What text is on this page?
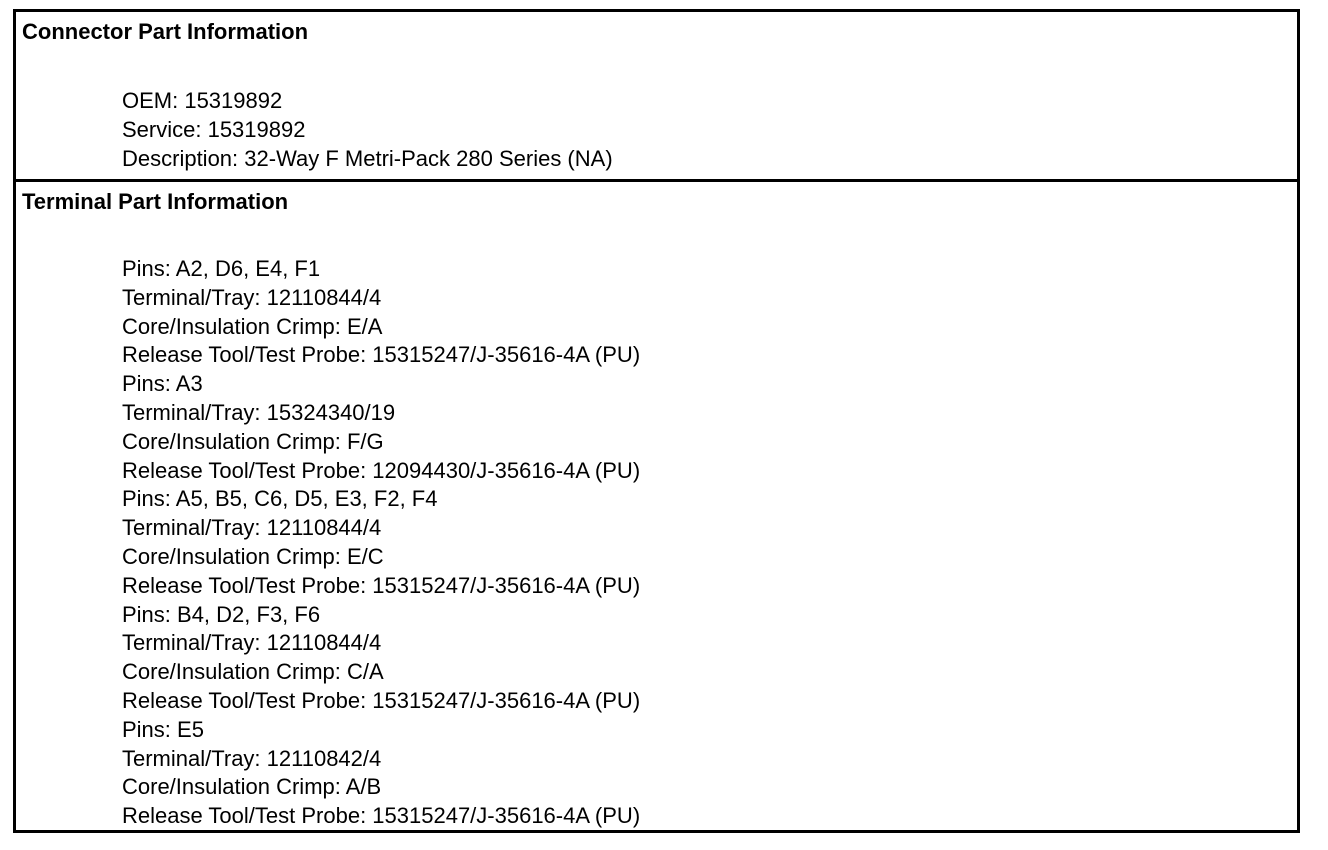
Connector Part Information
OEM: 15319892
Service: 15319892
Description: 32-Way F Metri-Pack 280 Series (NA)
Terminal Part Information
Pins: A2, D6, E4, F1
Terminal/Tray: 12110844/4
Core/Insulation Crimp: E/A
Release Tool/Test Probe: 15315247/J-35616-4A (PU)
Pins: A3
Terminal/Tray: 15324340/19
Core/Insulation Crimp: F/G
Release Tool/Test Probe: 12094430/J-35616-4A (PU)
Pins: A5, B5, C6, D5, E3, F2, F4
Terminal/Tray: 12110844/4
Core/Insulation Crimp: E/C
Release Tool/Test Probe: 15315247/J-35616-4A (PU)
Pins: B4, D2, F3, F6
Terminal/Tray: 12110844/4
Core/Insulation Crimp: C/A
Release Tool/Test Probe: 15315247/J-35616-4A (PU)
Pins: E5
Terminal/Tray: 12110842/4
Core/Insulation Crimp: A/B
Release Tool/Test Probe: 15315247/J-35616-4A (PU)
